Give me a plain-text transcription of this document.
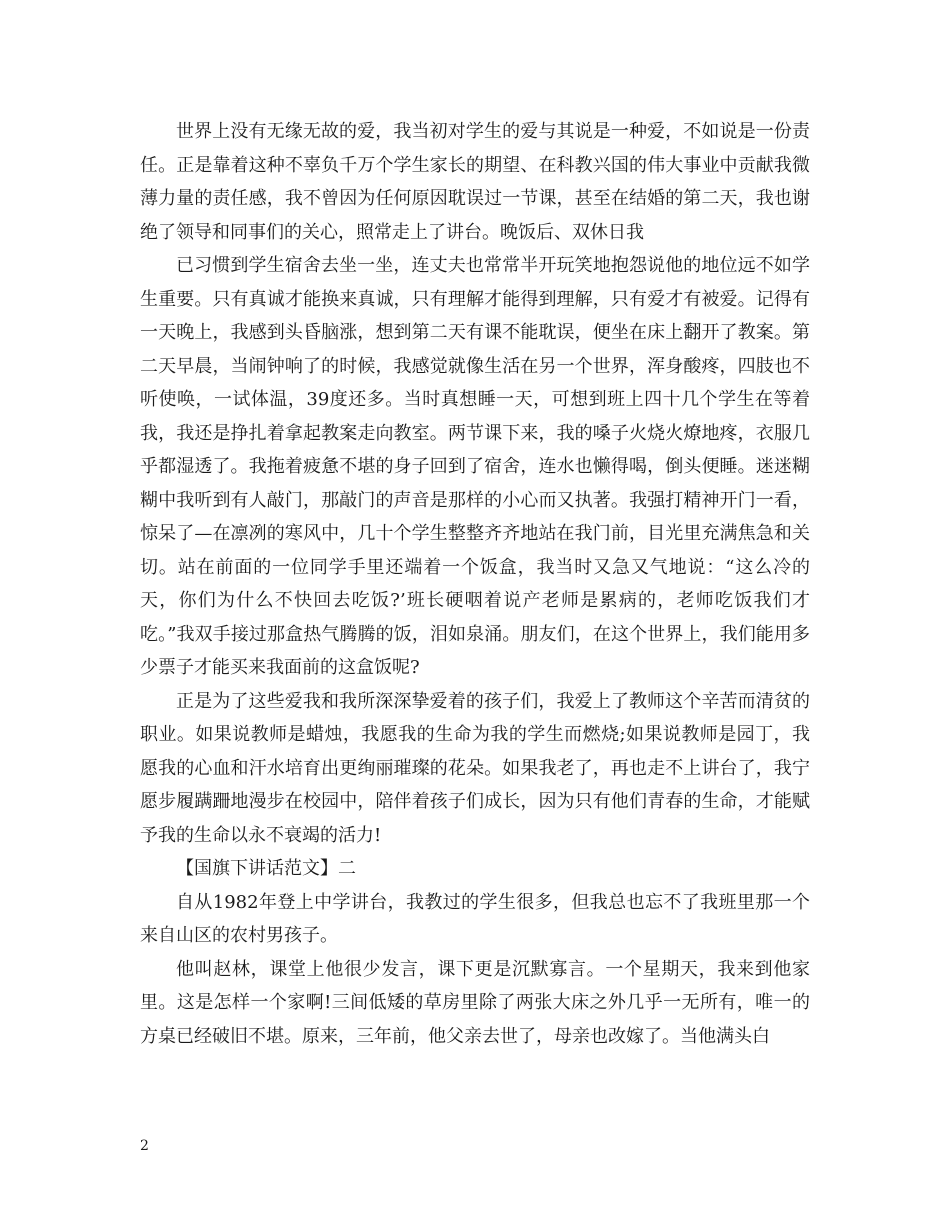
世界上没有无缘无故的爱，我当初对学生的爱与其说是一种爱，不如说是一份责任。正是靠着这种不辜负千万个学生家长的期望、在科教兴国的伟大事业中贡献我微薄力量的责任感，我不曾因为任何原因耽误过一节课，甚至在结婚的第二天，我也谢绝了领导和同事们的关心，照常走上了讲台。晚饭后、双休日我

已习惯到学生宿舍去坐一坐，连丈夫也常常半开玩笑地抱怨说他的地位远不如学生重要。只有真诚才能换来真诚，只有理解才能得到理解，只有爱才有被爱。记得有一天晚上，我感到头昏脑涨，想到第二天有课不能耽误，便坐在床上翻开了教案。第二天早晨，当闹钟响了的时候，我感觉就像生活在另一个世界，浑身酸疼，四肢也不听使唤，一试体温，39度还多。当时真想睡一天，可想到班上四十几个学生在等着我，我还是挣扎着拿起教案走向教室。两节课下来，我的嗓子火烧火燎地疼，衣服几乎都湿透了。我拖着疲惫不堪的身子回到了宿舍，连水也懒得喝，倒头便睡。迷迷糊糊中我听到有人敲门，那敲门的声音是那样的小心而又执著。我强打精神开门一看，惊呆了—在凛冽的寒风中，几十个学生整整齐齐地站在我门前，目光里充满焦急和关切。站在前面的一位同学手里还端着一个饭盒，我当时又急又气地说：“这么冷的天，你们为什么不快回去吃饭?’班长硬咽着说产老师是累病的，老师吃饭我们才吃。”我双手接过那盒热气腾腾的饭，泪如泉涌。朋友们，在这个世界上，我们能用多少票子才能买来我面前的这盒饭呢?

正是为了这些爱我和我所深深挚爱着的孩子们，我爱上了教师这个辛苦而清贫的职业。如果说教师是蜡烛，我愿我的生命为我的学生而燃烧;如果说教师是园丁，我愿我的心血和汗水培育出更绚丽璀璨的花朵。如果我老了，再也走不上讲台了，我宁愿步履蹒跚地漫步在校园中，陪伴着孩子们成长，因为只有他们青春的生命，才能赋予我的生命以永不衰竭的活力!

【国旗下讲话范文】二

自从1982年登上中学讲台，我教过的学生很多，但我总也忘不了我班里那一个来自山区的农村男孩子。

他叫赵林，课堂上他很少发言，课下更是沉默寡言。一个星期天，我来到他家里。这是怎样一个家啊!三间低矮的草房里除了两张大床之外几乎一无所有，唯一的方桌已经破旧不堪。原来，三年前，他父亲去世了，母亲也改嫁了。当他满头白

2
